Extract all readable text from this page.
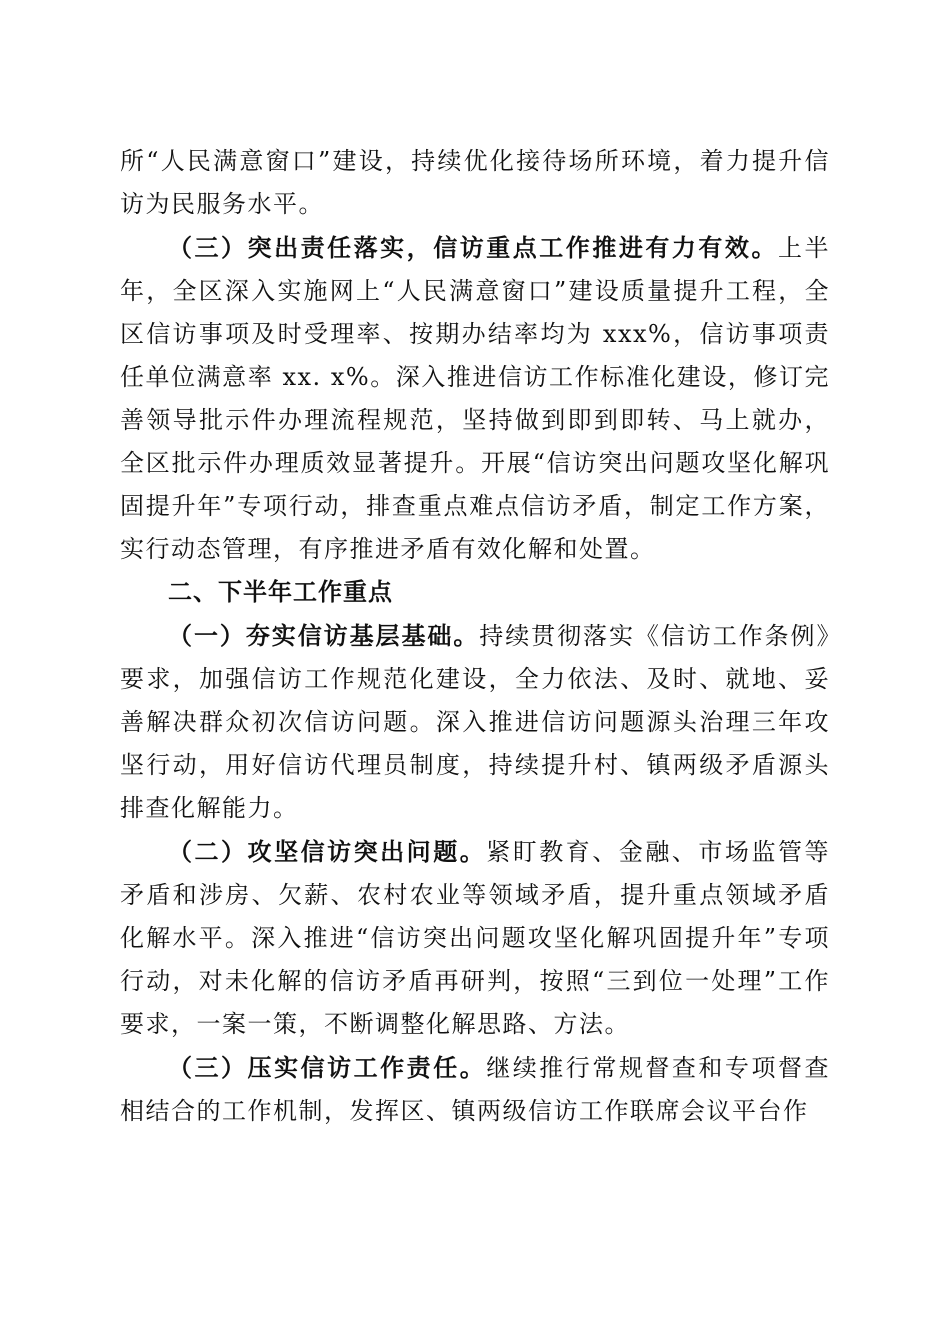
所“人民满意窗口”建设，持续优化接待场所环境，着力提升信访为民服务水平。

（三）突出责任落实，信访重点工作推进有力有效。上半年，全区深入实施网上“人民满意窗口”建设质量提升工程，全区信访事项及时受理率、按期办结率均为 xxx%，信访事项责任单位满意率 xx. x%。深入推进信访工作标准化建设，修订完善领导批示件办理流程规范，坚持做到即到即转、马上就办，全区批示件办理质效显著提升。开展“信访突出问题攻坚化解巩固提升年”专项行动，排查重点难点信访矛盾，制定工作方案，实行动态管理，有序推进矛盾有效化解和处置。

二、下半年工作重点

（一）夯实信访基层基础。持续贯彻落实《信访工作条例》要求，加强信访工作规范化建设，全力依法、及时、就地、妥善解决群众初次信访问题。深入推进信访问题源头治理三年攻坚行动，用好信访代理员制度，持续提升村、镇两级矛盾源头排查化解能力。

（二）攻坚信访突出问题。紧盯教育、金融、市场监管等矛盾和涉房、欠薪、农村农业等领域矛盾，提升重点领域矛盾化解水平。深入推进“信访突出问题攻坚化解巩固提升年”专项行动，对未化解的信访矛盾再研判，按照“三到位一处理”工作要求，一案一策，不断调整化解思路、方法。

（三）压实信访工作责任。继续推行常规督查和专项督查相结合的工作机制，发挥区、镇两级信访工作联席会议平台作
